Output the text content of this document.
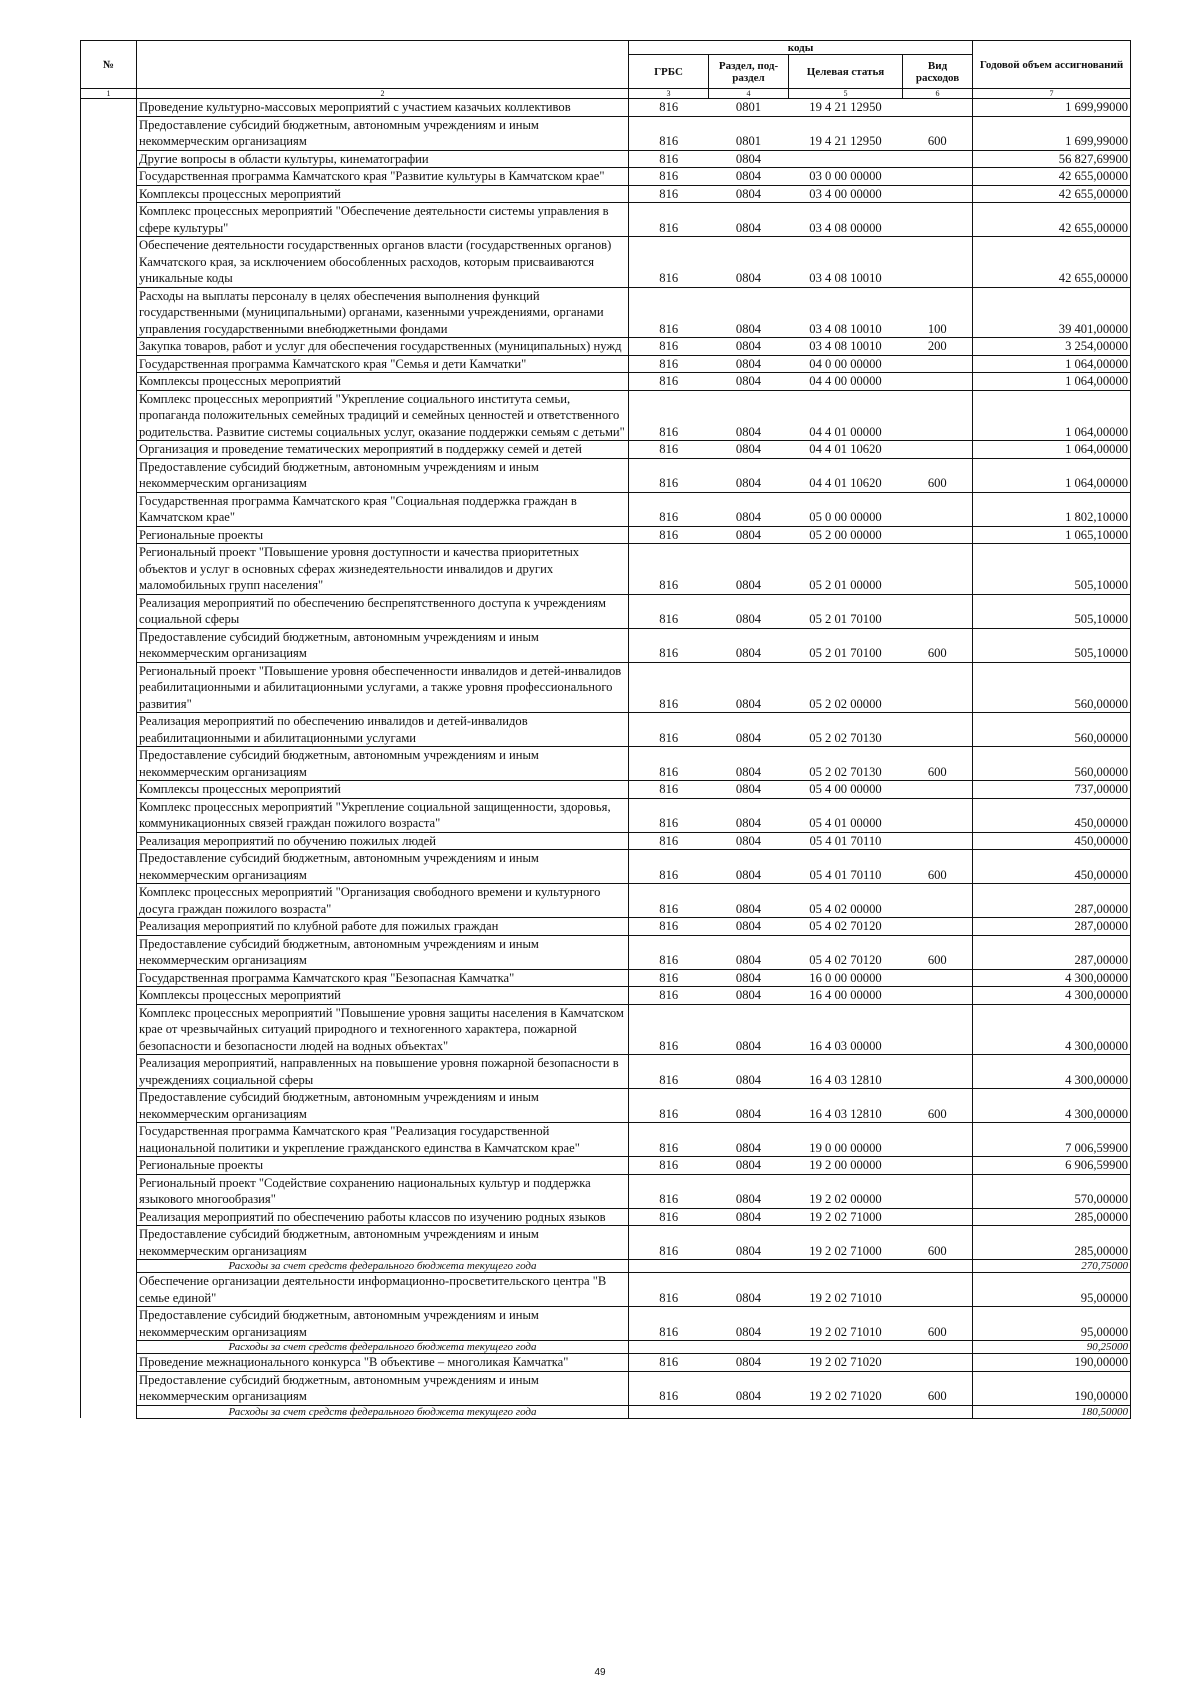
№		коды				Годовой объем ассигнований
		ГРБС	Раздел, под-раздел	Целевая статья	Вид расходов	
1	2	3	4	5	6	7
	Проведение культурно-массовых мероприятий с участием казачьих коллективов	816	0801	19 4 21 12950		1 699,99000
	Предоставление субсидий бюджетным, автономным учреждениям и иным некоммерческим организациям	816	0801	19 4 21 12950	600	1 699,99000
	Другие вопросы в области культуры, кинематографии	816	0804			56 827,69900
	Государственная программа Камчатского края "Развитие культуры в Камчатском крае"	816	0804	03 0 00 00000		42 655,00000
	Комплексы процессных мероприятий	816	0804	03 4 00 00000		42 655,00000
	Комплекс процессных мероприятий "Обеспечение деятельности системы управления в сфере культуры"	816	0804	03 4 08 00000		42 655,00000
	Обеспечение деятельности государственных органов власти (государственных органов) Камчатского края, за исключением обособленных расходов, которым присваиваются уникальные коды	816	0804	03 4 08 10010		42 655,00000
	Расходы на выплаты персоналу в целях обеспечения выполнения функций государственными (муниципальными) органами, казенными учреждениями, органами управления государственными внебюджетными фондами	816	0804	03 4 08 10010	100	39 401,00000
	Закупка товаров, работ и услуг для обеспечения государственных (муниципальных) нужд	816	0804	03 4 08 10010	200	3 254,00000
	Государственная программа Камчатского края "Семья и дети Камчатки"	816	0804	04 0 00 00000		1 064,00000
	Комплексы процессных мероприятий	816	0804	04 4 00 00000		1 064,00000
	Комплекс процессных мероприятий "Укрепление социального института семьи, пропаганда положительных семейных традиций и семейных ценностей и ответственного родительства. Развитие системы социальных услуг, оказание поддержки семьям с детьми"	816	0804	04 4 01 00000		1 064,00000
	Организация и проведение тематических мероприятий в поддержку семей и детей	816	0804	04 4 01 10620		1 064,00000
	Предоставление субсидий бюджетным, автономным учреждениям и иным некоммерческим организациям	816	0804	04 4 01 10620	600	1 064,00000
	Государственная программа Камчатского края "Социальная поддержка граждан в Камчатском крае"	816	0804	05 0 00 00000		1 802,10000
	Региональные проекты	816	0804	05 2 00 00000		1 065,10000
	Региональный проект "Повышение уровня доступности и качества приоритетных объектов и услуг в основных сферах жизнедеятельности инвалидов и других маломобильных групп населения"	816	0804	05 2 01 00000		505,10000
	Реализация мероприятий по обеспечению беспрепятственного доступа к учреждениям социальной сферы	816	0804	05 2 01 70100		505,10000
	Предоставление субсидий бюджетным, автономным учреждениям и иным некоммерческим организациям	816	0804	05 2 01 70100	600	505,10000
	Региональный проект "Повышение уровня обеспеченности инвалидов и детей-инвалидов реабилитационными и абилитационными услугами, а также уровня профессионального развития"	816	0804	05 2 02 00000		560,00000
	Реализация мероприятий по обеспечению инвалидов и детей-инвалидов реабилитационными и абилитационными услугами	816	0804	05 2 02 70130		560,00000
	Предоставление субсидий бюджетным, автономным учреждениям и иным некоммерческим организациям	816	0804	05 2 02 70130	600	560,00000
	Комплексы процессных мероприятий	816	0804	05 4 00 00000		737,00000
	Комплекс процессных мероприятий "Укрепление социальной защищенности, здоровья, коммуникационных связей граждан пожилого возраста"	816	0804	05 4 01 00000		450,00000
	Реализация мероприятий по обучению пожилых людей	816	0804	05 4 01 70110		450,00000
	Предоставление субсидий бюджетным, автономным учреждениям и иным некоммерческим организациям	816	0804	05 4 01 70110	600	450,00000
	Комплекс процессных мероприятий "Организация свободного времени и культурного досуга граждан пожилого возраста"	816	0804	05 4 02 00000		287,00000
	Реализация мероприятий по клубной работе для пожилых граждан	816	0804	05 4 02 70120		287,00000
	Предоставление субсидий бюджетным, автономным учреждениям и иным некоммерческим организациям	816	0804	05 4 02 70120	600	287,00000
	Государственная программа Камчатского края "Безопасная Камчатка"	816	0804	16 0 00 00000		4 300,00000
	Комплексы процессных мероприятий	816	0804	16 4 00 00000		4 300,00000
	Комплекс процессных мероприятий "Повышение уровня защиты населения в Камчатском крае от чрезвычайных ситуаций природного и техногенного характера, пожарной безопасности и безопасности людей на водных объектах"	816	0804	16 4 03 00000		4 300,00000
	Реализация мероприятий, направленных на повышение уровня пожарной безопасности в учреждениях социальной сферы	816	0804	16 4 03 12810		4 300,00000
	Предоставление субсидий бюджетным, автономным учреждениям и иным некоммерческим организациям	816	0804	16 4 03 12810	600	4 300,00000
	Государственная программа Камчатского края "Реализация государственной национальной политики и укрепление гражданского единства в Камчатском крае"	816	0804	19 0 00 00000		7 006,59900
	Региональные проекты	816	0804	19 2 00 00000		6 906,59900
	Региональный проект "Содействие сохранению национальных культур и поддержка языкового многообразия"	816	0804	19 2 02 00000		570,00000
	Реализация мероприятий по обеспечению работы классов по изучению родных языков	816	0804	19 2 02 71000		285,00000
	Предоставление субсидий бюджетным, автономным учреждениям и иным некоммерческим организациям	816	0804	19 2 02 71000	600	285,00000
	Расходы за счет средств федерального бюджета текущего года					270,75000
	Обеспечение организации деятельности информационно-просветительского центра "В семье единой"	816	0804	19 2 02 71010		95,00000
	Предоставление субсидий бюджетным, автономным учреждениям и иным некоммерческим организациям	816	0804	19 2 02 71010	600	95,00000
	Расходы за счет средств федерального бюджета текущего года					90,25000
	Проведение межнационального конкурса "В объективе – многоликая Камчатка"	816	0804	19 2 02 71020		190,00000
	Предоставление субсидий бюджетным, автономным учреждениям и иным некоммерческим организациям	816	0804	19 2 02 71020	600	190,00000
	Расходы за счет средств федерального бюджета текущего года					180,50000
49
